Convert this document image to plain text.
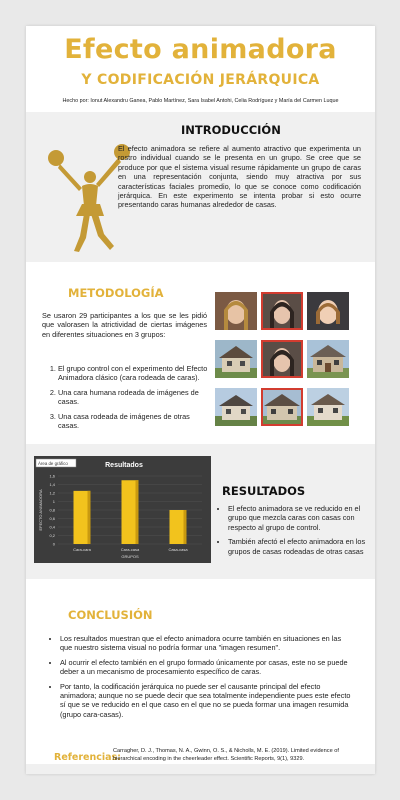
Efecto animadora
Y CODIFICACIÓN JERÁRQUICA
Hecho por: Ionut Alexandru Ganea, Pablo Martínez, Sara Isabel Antohi, Celia Rodríguez y María del Carmen Luque
INTRODUCCIÓN
El efecto animadora se refiere al aumento atractivo que experimenta un rostro individual cuando se le presenta en un grupo. Se cree que se produce por que el sistema visual resume rápidamente un grupo de caras en una representación conjunta, siendo muy atractiva por sus características faciales promedio, lo que se conoce como codificación jerárquica. En este experimento se intenta probar si esto ocurre presentando caras humanas alrededor de casas.
METODOLOGÍA
Se usaron 29 participantes a los que se les pidió que valorasen la atrictividad de ciertas imágenes en diferentes situaciones en 3 grupos:
1. El grupo control con el experimento del Efecto Animadora clásico (cara rodeada de caras).
2. Una cara humana rodeada de imágenes de casas.
3. Una casa rodeada de imágenes de otras casas.
Área de gráfico	Resultados
0
0,2
0,4
0,6
0,8
1
1,2
1,4
1,6
Cara-cara	Cara-casa	Casa-casa
GRUPOS
EFECTO ANIMADORA	RESULTADOS
• El efecto animadora se ve reducido en el grupo que mezcla caras con casas con respecto al grupo de control.
• También afectó el efecto animadora en los grupos de casas rodeadas de otras casas
CONCLUSIÓN
• Los resultados muestran que el efecto animadora ocurre también en situaciones en las que nuestro sistema visual no podría formar una "imagen resumen".
• Al ocurrir el efecto también en el grupo formado únicamente por casas, este no se puede deber a un mecanismo de procesamiento específico de caras.
• Por tanto, la codificación jerárquica no puede ser el causante principal del efecto animadora; aunque no se puede decir que sea totalmente independiente pues este efecto sí que se ve reducido en el que caso en el que no se pueda formar una imagen resumida (grupo cara-casas).
Referencias:
Carragher, D. J., Thomas, N. A., Gwinn, O. S., & Nicholls, M. E. (2019). Limited evidence of hierarchical encoding in the cheerleader effect. Scientific Reports, 9(1), 9329.
